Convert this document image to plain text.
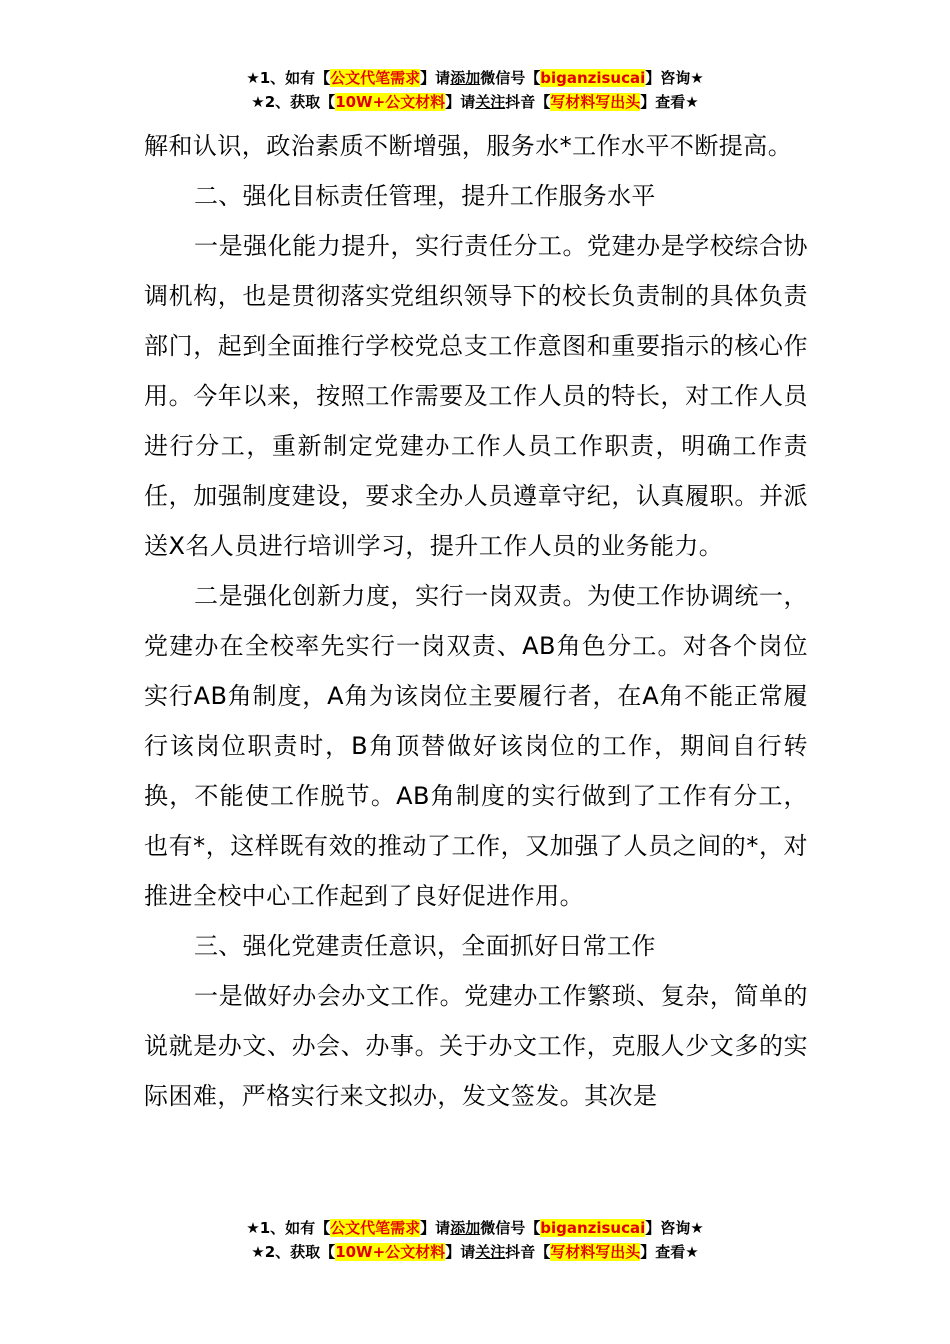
★1、如有【公文代笔需求】请添加微信号【biganzisucai】咨询★
★2、获取【10W+公文材料】请关注抖音【写材料写出头】查看★

解和认识，政治素质不断增强，服务水*工作水平不断提高。

二、强化目标责任管理，提升工作服务水平

一是强化能力提升，实行责任分工。党建办是学校综合协调机构，也是贯彻落实党组织领导下的校长负责制的具体负责部门，起到全面推行学校党总支工作意图和重要指示的核心作用。今年以来，按照工作需要及工作人员的特长，对工作人员进行分工，重新制定党建办工作人员工作职责，明确工作责任，加强制度建设，要求全办人员遵章守纪，认真履职。并派送X名人员进行培训学习，提升工作人员的业务能力。

二是强化创新力度，实行一岗双责。为使工作协调统一，党建办在全校率先实行一岗双责、AB角色分工。对各个岗位实行AB角制度，A角为该岗位主要履行者，在A角不能正常履行该岗位职责时，B角顶替做好该岗位的工作，期间自行转换，不能使工作脱节。AB角制度的实行做到了工作有分工，也有*，这样既有效的推动了工作，又加强了人员之间的*，对推进全校中心工作起到了良好促进作用。

三、强化党建责任意识，全面抓好日常工作

一是做好办会办文工作。党建办工作繁琐、复杂，简单的说就是办文、办会、办事。关于办文工作，克服人少文多的实际困难，严格实行来文拟办，发文签发。其次是

★1、如有【公文代笔需求】请添加微信号【biganzisucai】咨询★
★2、获取【10W+公文材料】请关注抖音【写材料写出头】查看★
